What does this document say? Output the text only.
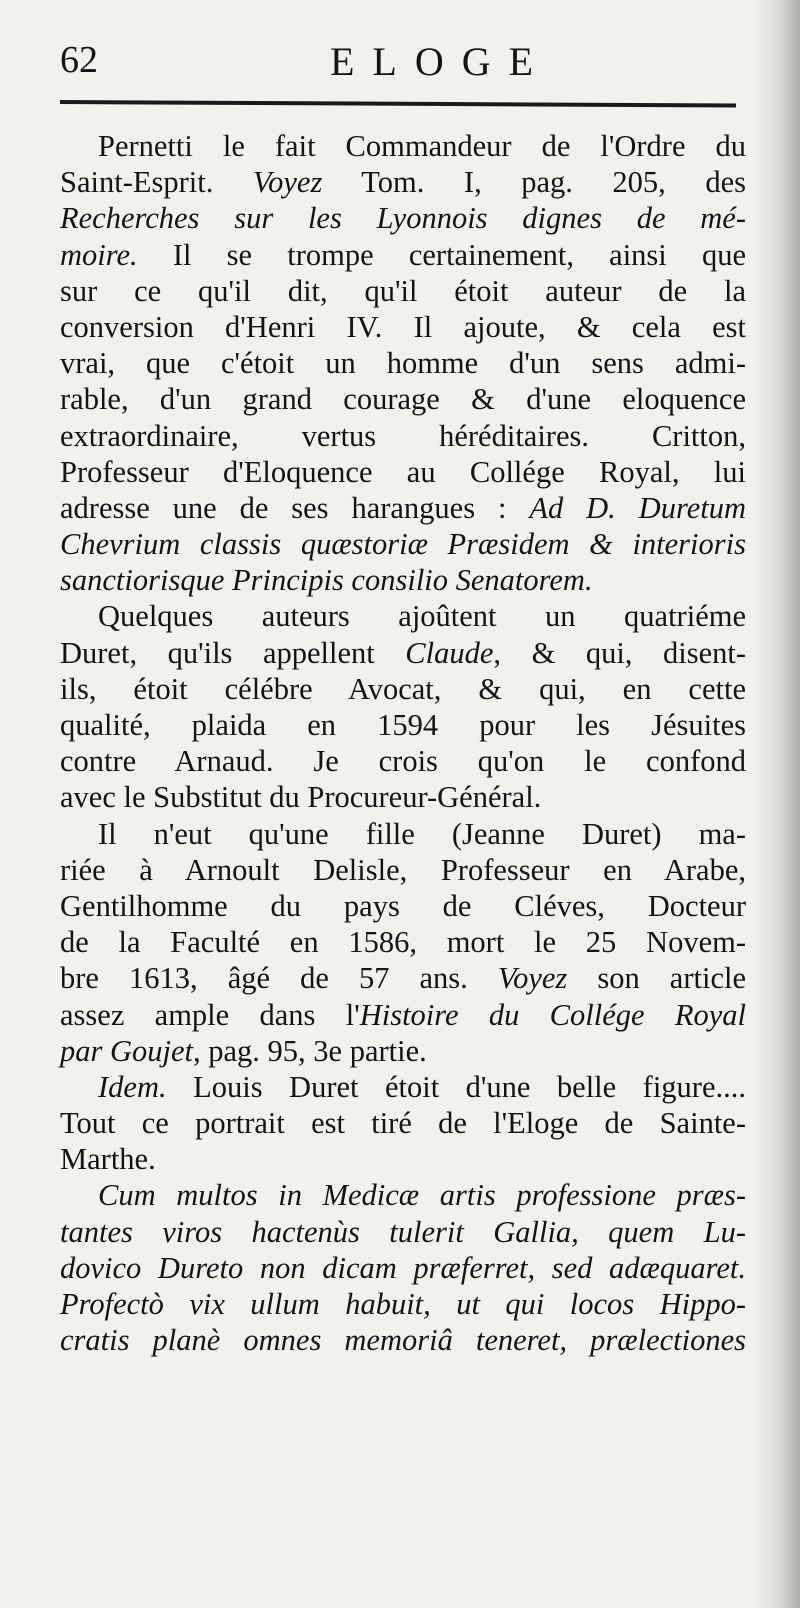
62	ELOGE
Pernetti le fait Commandeur de l'Ordre du
Saint-Esprit. Voyez Tom. I, pag. 205, des
Recherches sur les Lyonnois dignes de mé-
moire. Il se trompe certainement, ainsi que
sur ce qu'il dit, qu'il étoit auteur de la
conversion d'Henri IV. Il ajoute, & cela est
vrai, que c'étoit un homme d'un sens admi-
rable, d'un grand courage & d'une eloquence
extraordinaire, vertus héréditaires. Critton,
Professeur d'Eloquence au Collége Royal, lui
adresse une de ses harangues : Ad D. Duretum
Chevrium classis quæstoriæ Præsidem & interioris
sanctiorisque Principis consilio Senatorem.
Quelques auteurs ajoûtent un quatriéme
Duret, qu'ils appellent Claude, & qui, disent-
ils, étoit célébre Avocat, & qui, en cette
qualité, plaida en 1594 pour les Jésuites
contre Arnaud. Je crois qu'on le confond
avec le Substitut du Procureur-Général.
Il n'eut qu'une fille (Jeanne Duret) ma-
riée à Arnoult Delisle, Professeur en Arabe,
Gentilhomme du pays de Cléves, Docteur
de la Faculté en 1586, mort le 25 Novem-
bre 1613, âgé de 57 ans. Voyez son article
assez ample dans l'Histoire du Collége Royal
par Goujet, pag. 95, 3e partie.
Idem. Louis Duret étoit d'une belle figure....
Tout ce portrait est tiré de l'Eloge de Sainte-
Marthe.
Cum multos in Medicæ artis professione præs-
tantes viros hactenùs tulerit Gallia, quem Lu-
dovico Dureto non dicam præferret, sed adæquaret.
Profectò vix ullum habuit, ut qui locos Hippo-
cratis planè omnes memoriâ teneret, prælectiones
